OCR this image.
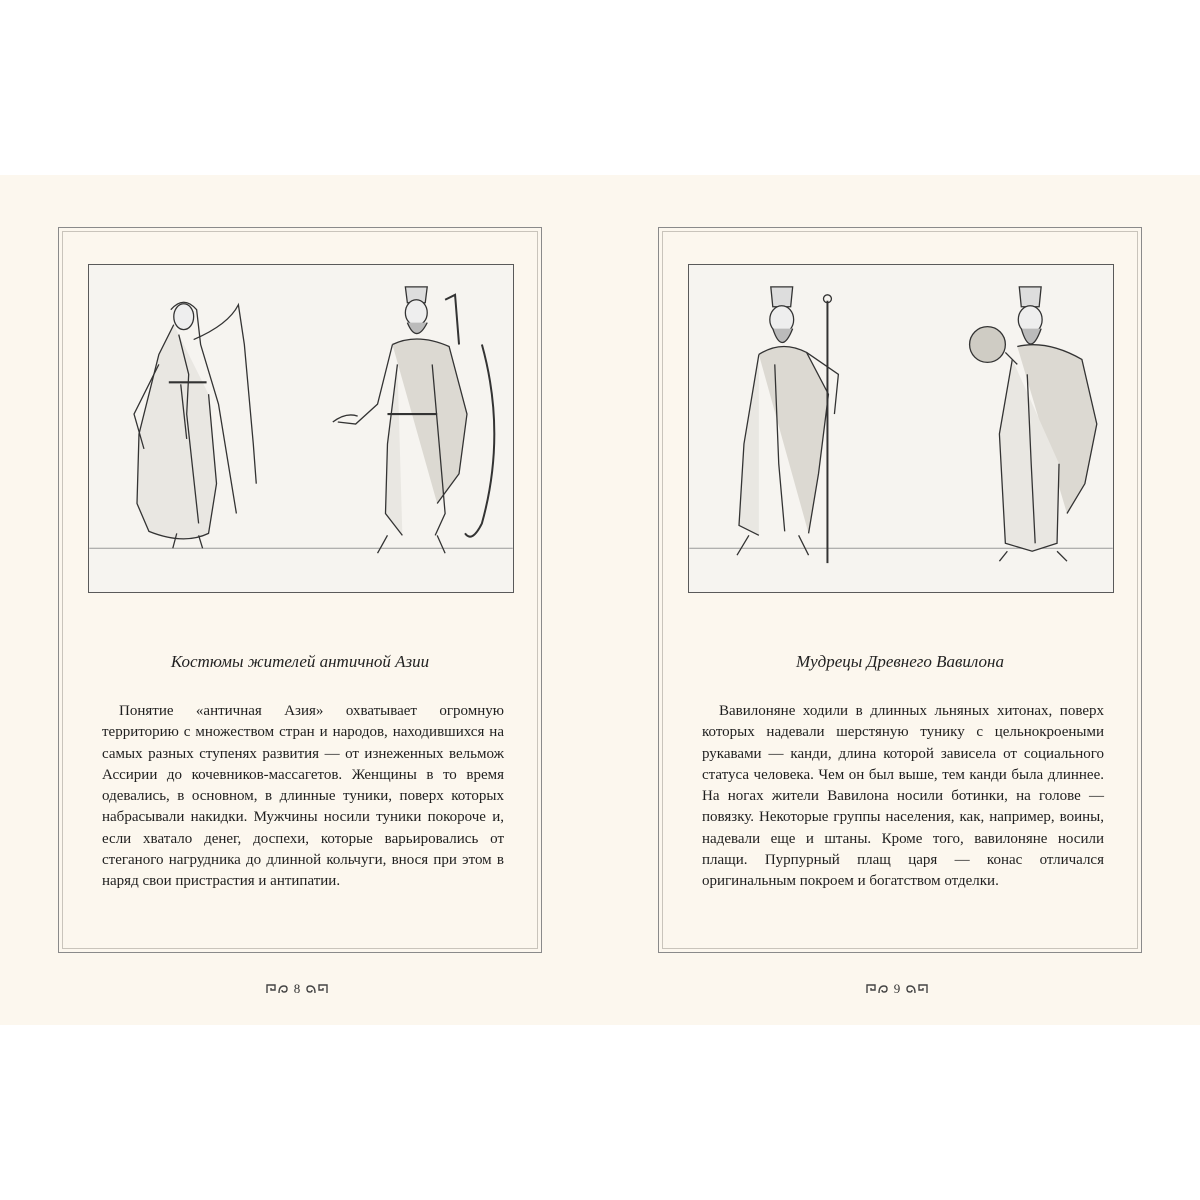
Костюмы жителей античной Азии

Понятие «античная Азия» охватывает огромную территорию с множеством стран и народов, находившихся на самых разных ступенях развития — от изнеженных вельмож Ассирии до кочевников-массагетов. Женщины в то время одевались, в основном, в длинные туники, поверх которых набрасывали накидки. Мужчины носили туники покороче и, если хватало денег, доспехи, которые варьировались от стеганого нагрудника до длинной кольчуги, внося при этом в наряд свои пристрастия и антипатии.

8
Мудрецы Древнего Вавилона

Вавилоняне ходили в длинных льняных хитонах, поверх которых надевали шерстяную тунику с цельнокроеными рукавами — канди, длина которой зависела от социального статуса человека. Чем он был выше, тем канди была длиннее. На ногах жители Вавилона носили ботинки, на голове — повязку. Некоторые группы населения, как, например, воины, надевали еще и штаны. Кроме того, вавилоняне носили плащи. Пурпурный плащ царя — конас отличался оригинальным покроем и богатством отделки.

9
